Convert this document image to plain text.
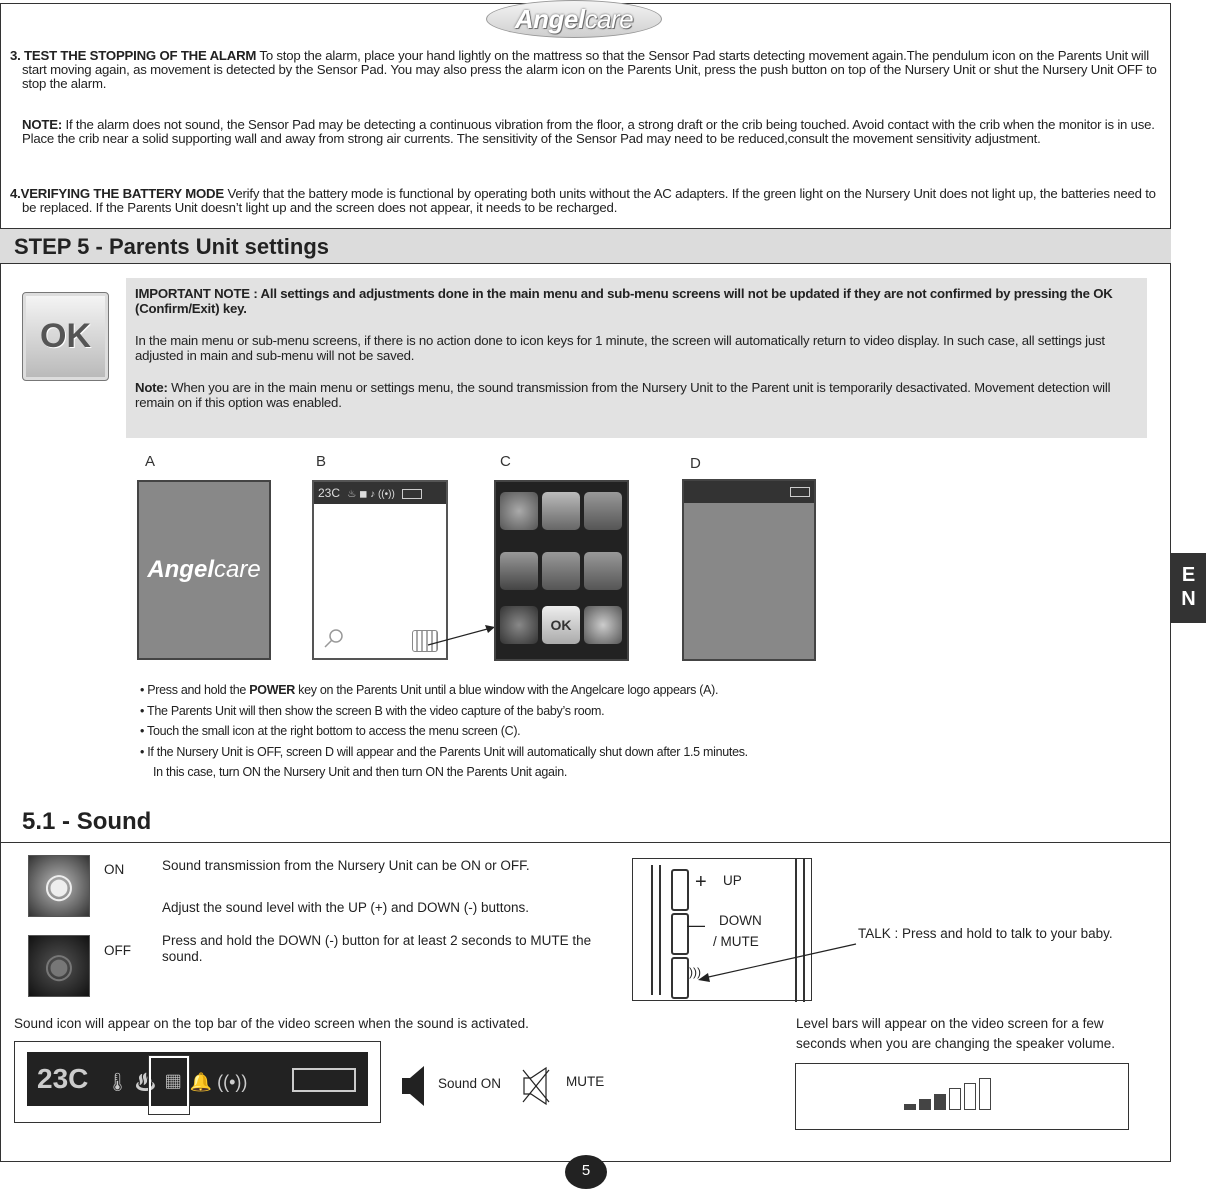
Angelcare

3. TEST THE STOPPING OF THE ALARM To stop the alarm, place your hand lightly on the mattress so that the Sensor Pad starts detecting movement again.The pendulum icon on the Parents Unit will start moving again, as movement is detected by the Sensor Pad. You may also press the alarm icon on the Parents Unit, press the push button on top of the Nursery Unit or shut the Nursery Unit OFF to stop the alarm.

NOTE: If the alarm does not sound, the Sensor Pad may be detecting a continuous vibration from the floor, a strong draft or the crib being touched. Avoid contact with the crib when the monitor is in use. Place the crib near a solid supporting wall and away from strong air currents. The sensitivity of the Sensor Pad may need to be reduced,consult the movement sensitivity adjustment.

4.VERIFYING THE BATTERY MODE Verify that the battery mode is functional by operating both units without the AC adapters. If the green light on the Nursery Unit does not light up, the batteries need to be replaced. If the Parents Unit doesn’t light up and the screen does not appear, it needs to be recharged.

STEP 5 - Parents Unit settings
OK

IMPORTANT NOTE : All settings and adjustments done in the main menu and sub-menu screens will not be updated if they are not confirmed by pressing the OK (Confirm/Exit) key.

In the main menu or sub-menu screens, if there is no action done to icon keys for 1 minute, the screen will automatically return to video display. In such case, all settings just adjusted in main and sub-menu will not be saved.

Note: When you are in the main menu or settings menu, the sound transmission from the Nursery Unit to the Parent unit is temporarily desactivated. Movement detection will remain on if this option was enabled.

A	B	C	D
Angelcare
23C ♨ ◼ ♪ ((•))
OK

• Press and hold the POWER key on the Parents Unit until a blue window with the Angelcare logo appears (A).

• The Parents Unit will then show the screen B with the video capture of the baby’s room.

• Touch the small icon at the right bottom to access the menu screen (C).

• If the Nursery Unit is OFF, screen D will appear and the Parents Unit will automatically shut down after 1.5 minutes.

In this case, turn ON the Nursery Unit and then turn ON the Parents Unit again.

5.1 - Sound
◉
◉
ON
OFF

Sound transmission from the Nursery Unit can be ON or OFF.

Adjust the sound level with the UP (+) and DOWN (-) buttons.

Press and hold the DOWN (-) button for at least 2 seconds to MUTE the sound.

+
—
)))
UP
DOWN
/ MUTE
TALK : Press and hold to talk to your baby.
Sound icon will appear on the top bar of the video screen when the sound is activated.
23C 🌡 ♨ ◼ 🔔 ((•))	Sound ON	MUTE

Level bars will appear on the video screen for a few seconds when you are changing the speaker volume.

E
N
5
